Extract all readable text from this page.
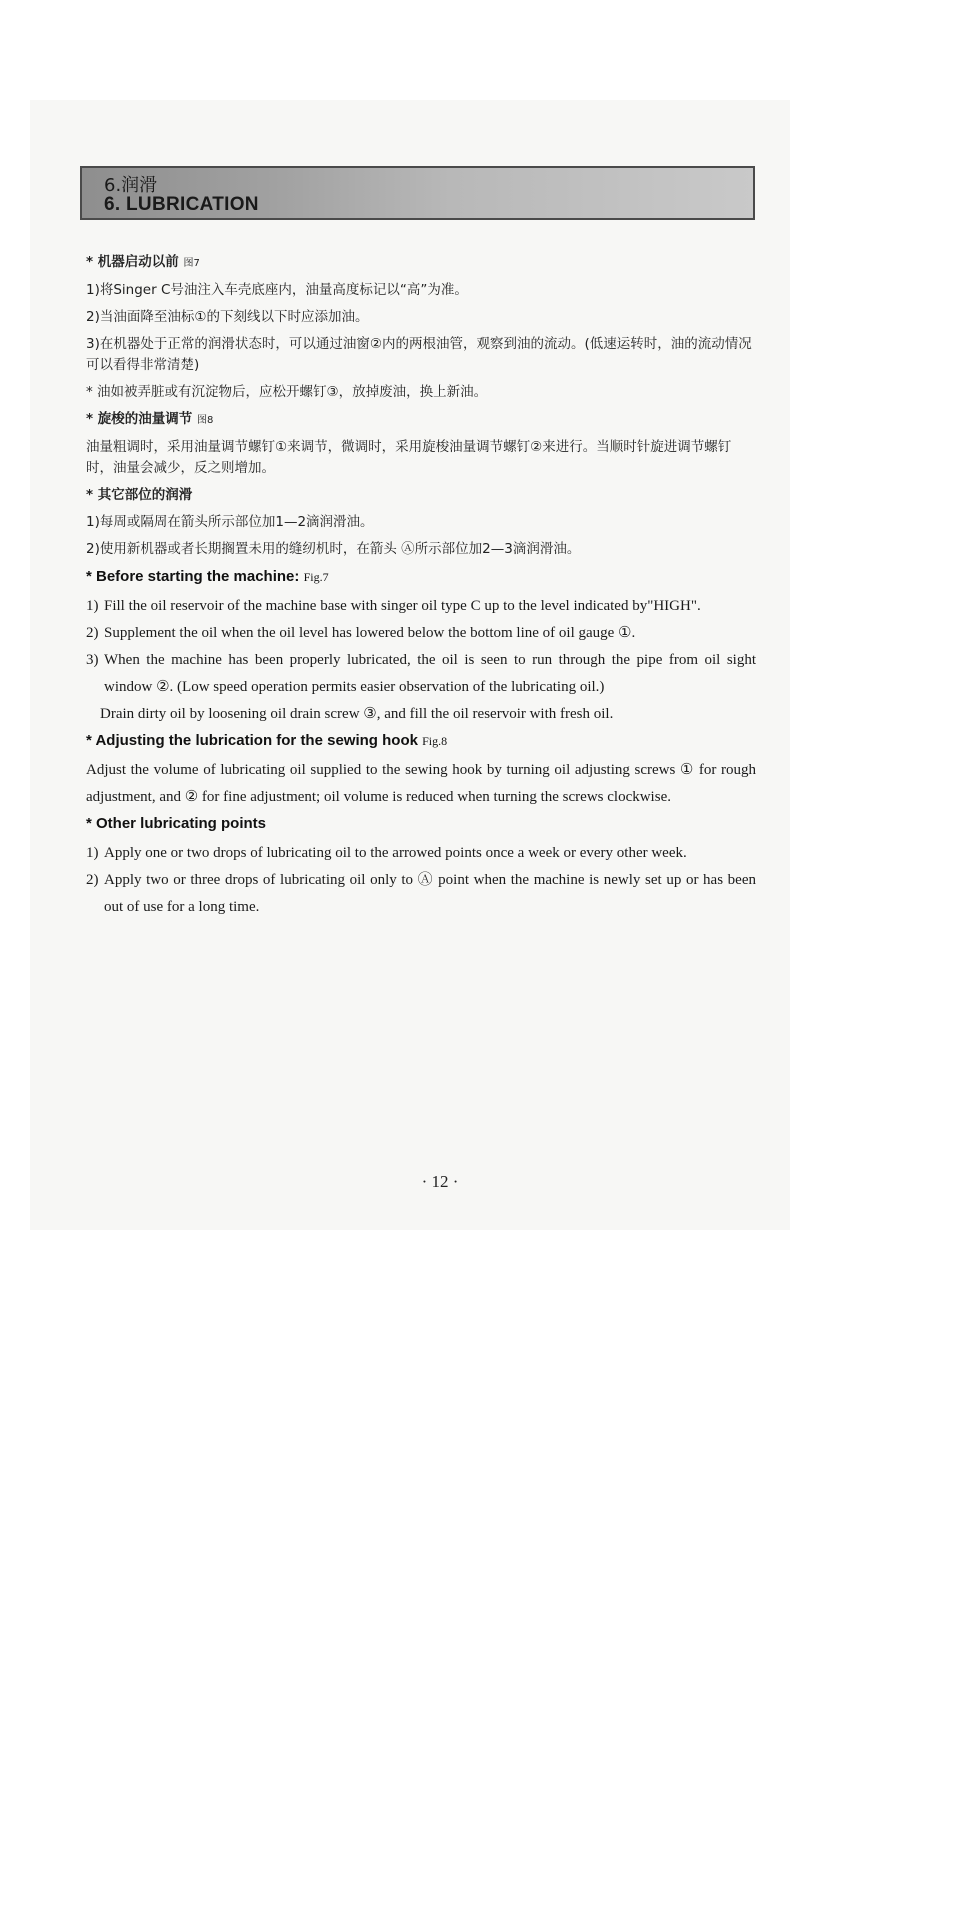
6.润滑
6. LUBRICATION
* 机器启动以前 图7
1)将Singer C号油注入车壳底座内，油量高度标记以“高”为准。
2)当油面降至油标①的下刻线以下时应添加油。
3)在机器处于正常的润滑状态时，可以通过油窗②内的两根油管，观察到油的流动。(低速运转时，油的流动情况可以看得非常清楚)
* 油如被弄脏或有沉淀物后，应松开螺钉③，放掉废油，换上新油。
* 旋梭的油量调节 图8
油量粗调时，采用油量调节螺钉①来调节，微调时，采用旋梭油量调节螺钉②来进行。当顺时针旋进调节螺钉时，油量会减少，反之则增加。
* 其它部位的润滑
1)每周或隔周在箭头所示部位加1—2滴润滑油。
2)使用新机器或者长期搁置未用的缝纫机时，在箭头 Ⓐ所示部位加2—3滴润滑油。
* Before starting the machine: Fig.7
1) Fill the oil reservoir of the machine base with singer oil type C up to the level indicated by"HIGH".
2) Supplement the oil when the oil level has lowered below the bottom line of oil gauge ①.
3) When the machine has been properly lubricated, the oil is seen to run through the pipe from oil sight window ②. (Low speed operation permits easier observation of the lubricating oil.)

Drain dirty oil by loosening oil drain screw ③, and fill the oil reservoir with fresh oil.

* Adjusting the lubrication for the sewing hook Fig.8

Adjust the volume of lubricating oil supplied to the sewing hook by turning oil adjusting screws ① for rough adjustment, and ② for fine adjustment; oil volume is reduced when turning the screws clockwise.

* Other lubricating points
1) Apply one or two drops of lubricating oil to the arrowed points once a week or every other week.
2) Apply two or three drops of lubricating oil only to Ⓐ point when the machine is newly set up or has been out of use for a long time.
· 12 ·
